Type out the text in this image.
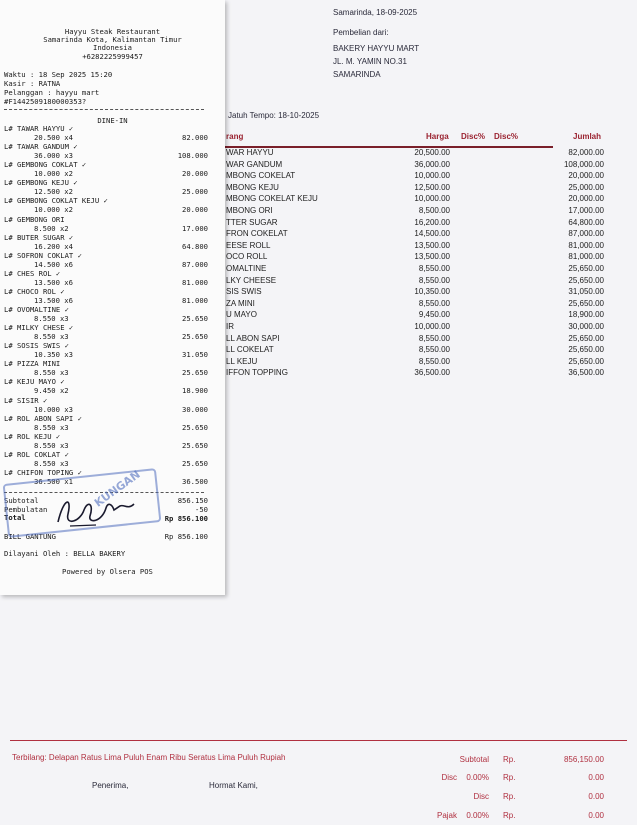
Samarinda, 18-09-2025
Pembelian dari:
BAKERY HAYYU MART
JL. M. YAMIN NO.31
SAMARINDA
Jatuh Tempo: 18-10-2025
rang	Harga Disc% Disc%	Jumlah
WAR HAYYU	20,500.00	82,000.00
WAR GANDUM	36,000.00	108,000.00
MBONG COKELAT	10,000.00	20,000.00
MBONG KEJU	12,500.00	25,000.00
MBONG COKELAT KEJU	10,000.00	20,000.00
MBONG ORI	8,500.00	17,000.00
TTER SUGAR	16,200.00	64,800.00
FRON COKELAT	14,500.00	87,000.00
EESE ROLL	13,500.00	81,000.00
OCO ROLL	13,500.00	81,000.00
OMALTINE	8,550.00	25,650.00
LKY CHEESE	8,550.00	25,650.00
SIS SWIS	10,350.00	31,050.00
ZA MINI	8,550.00	25,650.00
U MAYO	9,450.00	18,900.00
IR	10,000.00	30,000.00
LL ABON SAPI	8,550.00	25,650.00
LL COKELAT	8,550.00	25,650.00
LL KEJU	8,550.00	25,650.00
IFFON TOPPING	36,500.00	36,500.00
Terbilang: Delapan Ratus Lima Puluh Enam Ribu Seratus Lima Puluh Rupiah
Penerima,	Hormat Kami,
Subtotal Rp.	856,150.00
Disc 0.00% Rp.	0.00
Disc Rp.	0.00
Pajak 0.00% Rp.	0.00
Hayyu Steak Restaurant
Samarinda Kota, Kalimantan Timur
Indonesia
+6282225999457
Waktu : 18 Sep 2025 15:20
Kasir : RATNA
Pelanggan : hayyu mart
#F1442509180000353?
DINE-IN
L# TAWAR HAYYU ✓
20.500 x4	82.000
L# TAWAR GANDUM ✓
36.000 x3	108.000
L# GEMBONG COKLAT ✓
10.000 x2	20.000
L# GEMBONG KEJU ✓
12.500 x2	25.000
L# GEMBONG COKLAT KEJU ✓
10.000 x2	20.000
L# GEMBONG ORI
8.500 x2	17.000
L# BUTER SUGAR ✓
16.200 x4	64.800
L# SOFRON COKLAT ✓
14.500 x6	87.000
L# CHES ROL ✓
13.500 x6	81.000
L# CHOCO ROL ✓
13.500 x6	81.000
L# OVOMALTINE ✓
8.550 x3	25.650
L# MILKY CHESE ✓
8.550 x3	25.650
L# SOSIS SWIS ✓
10.350 x3	31.050
L# PIZZA MINI
8.550 x3	25.650
L# KEJU MAYO ✓
9.450 x2	18.900
L# SISIR ✓
10.000 x3	30.000
L# ROL ABON SAPI ✓
8.550 x3	25.650
L# ROL KEJU ✓
8.550 x3	25.650
L# ROL COKLAT ✓
8.550 x3	25.650
L# CHIFON TOPING ✓
36.500 x1	36.500
Subtotal	856.150
Pembulatan	-50
Total	Rp 856.100
BILL GANTUNG	Rp 856.100
Dilayani Oleh : BELLA BAKERY
Powered by Olsera POS
KUNGAN
